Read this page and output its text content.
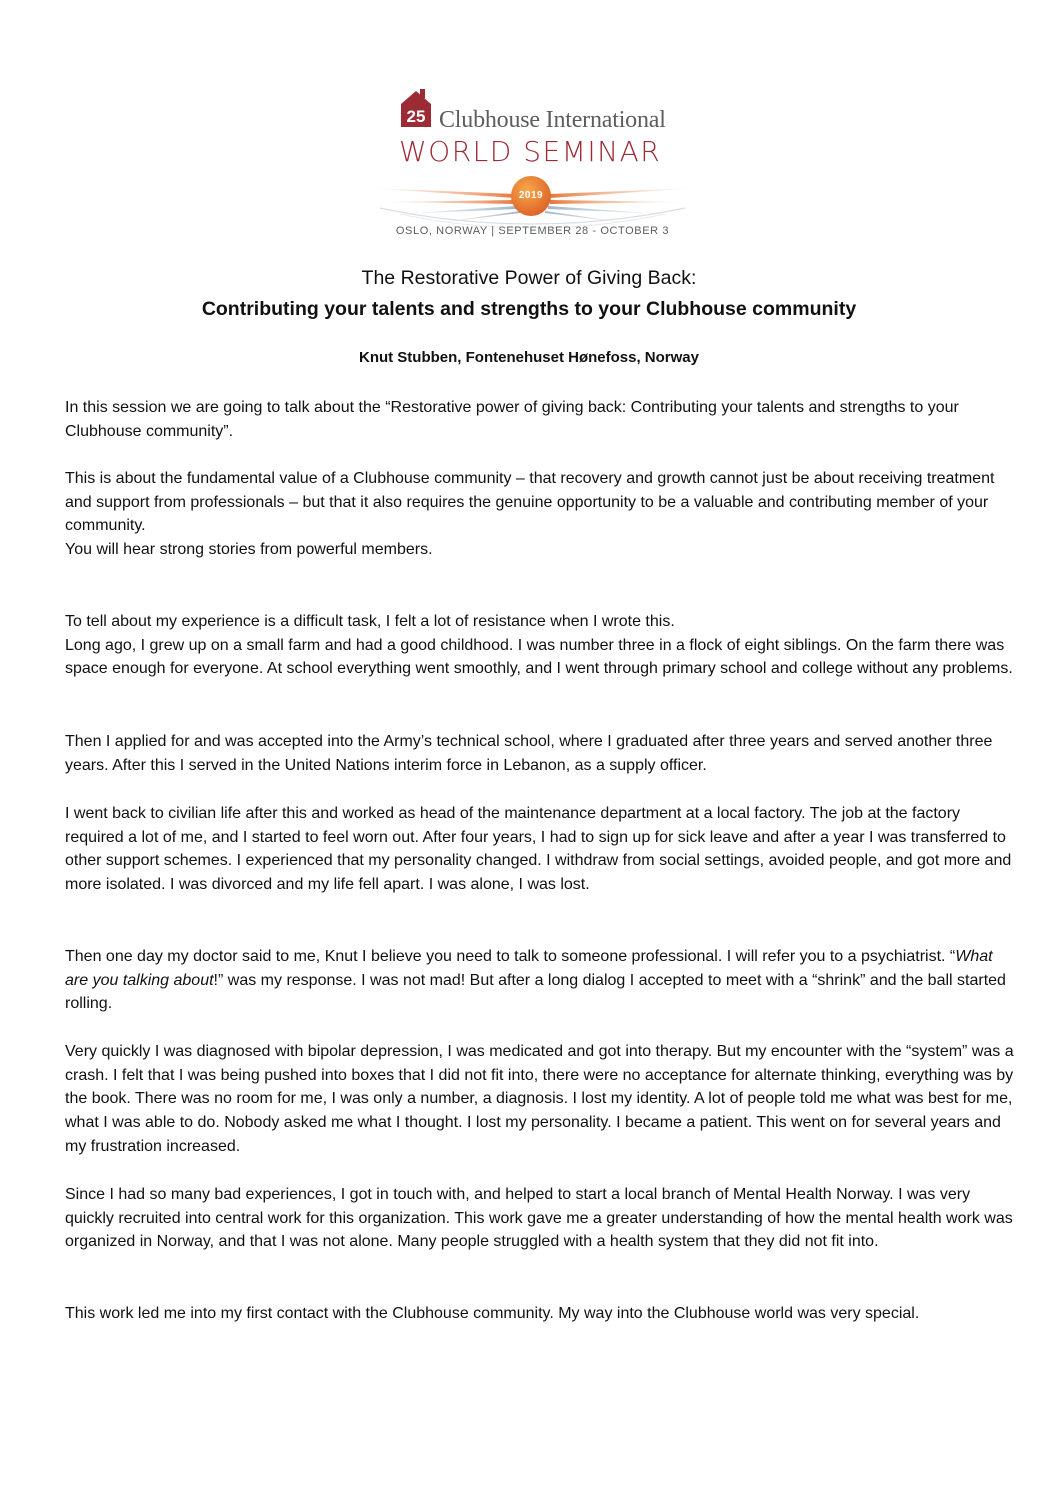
25 Clubhouse International
WORLD SEMINAR
2019
OSLO, NORWAY | SEPTEMBER 28 - OCTOBER 3
The Restorative Power of Giving Back:
Contributing your talents and strengths to your Clubhouse community
Knut Stubben, Fontenehuset Hønefoss, Norway

In this session we are going to talk about the “Restorative power of giving back: Contributing your talents and strengths to your Clubhouse community”.

This is about the fundamental value of a Clubhouse community – that recovery and growth cannot just be about receiving treatment and support from professionals – but that it also requires the genuine opportunity to be a valuable and contributing member of your community.

You will hear strong stories from powerful members.

To tell about my experience is a difficult task, I felt a lot of resistance when I wrote this.

Long ago, I grew up on a small farm and had a good childhood. I was number three in a flock of eight siblings. On the farm there was space enough for everyone. At school everything went smoothly, and I went through primary school and college without any problems.

Then I applied for and was accepted into the Army’s technical school, where I graduated after three years and served another three years. After this I served in the United Nations interim force in Lebanon, as a supply officer.

I went back to civilian life after this and worked as head of the maintenance department at a local factory. The job at the factory required a lot of me, and I started to feel worn out. After four years, I had to sign up for sick leave and after a year I was transferred to other support schemes. I experienced that my personality changed. I withdraw from social settings, avoided people, and got more and more isolated. I was divorced and my life fell apart. I was alone, I was lost.

Then one day my doctor said to me, Knut I believe you need to talk to someone professional. I will refer you to a psychiatrist. “What are you talking about!” was my response. I was not mad! But after a long dialog I accepted to meet with a “shrink” and the ball started rolling.

Very quickly I was diagnosed with bipolar depression, I was medicated and got into therapy. But my encounter with the “system” was a crash. I felt that I was being pushed into boxes that I did not fit into, there were no acceptance for alternate thinking, everything was by the book. There was no room for me, I was only a number, a diagnosis. I lost my identity. A lot of people told me what was best for me, what I was able to do. Nobody asked me what I thought. I lost my personality. I became a patient. This went on for several years and my frustration increased.

Since I had so many bad experiences, I got in touch with, and helped to start a local branch of Mental Health Norway. I was very quickly recruited into central work for this organization. This work gave me a greater understanding of how the mental health work was organized in Norway, and that I was not alone. Many people struggled with a health system that they did not fit into.

This work led me into my first contact with the Clubhouse community. My way into the Clubhouse world was very special.
